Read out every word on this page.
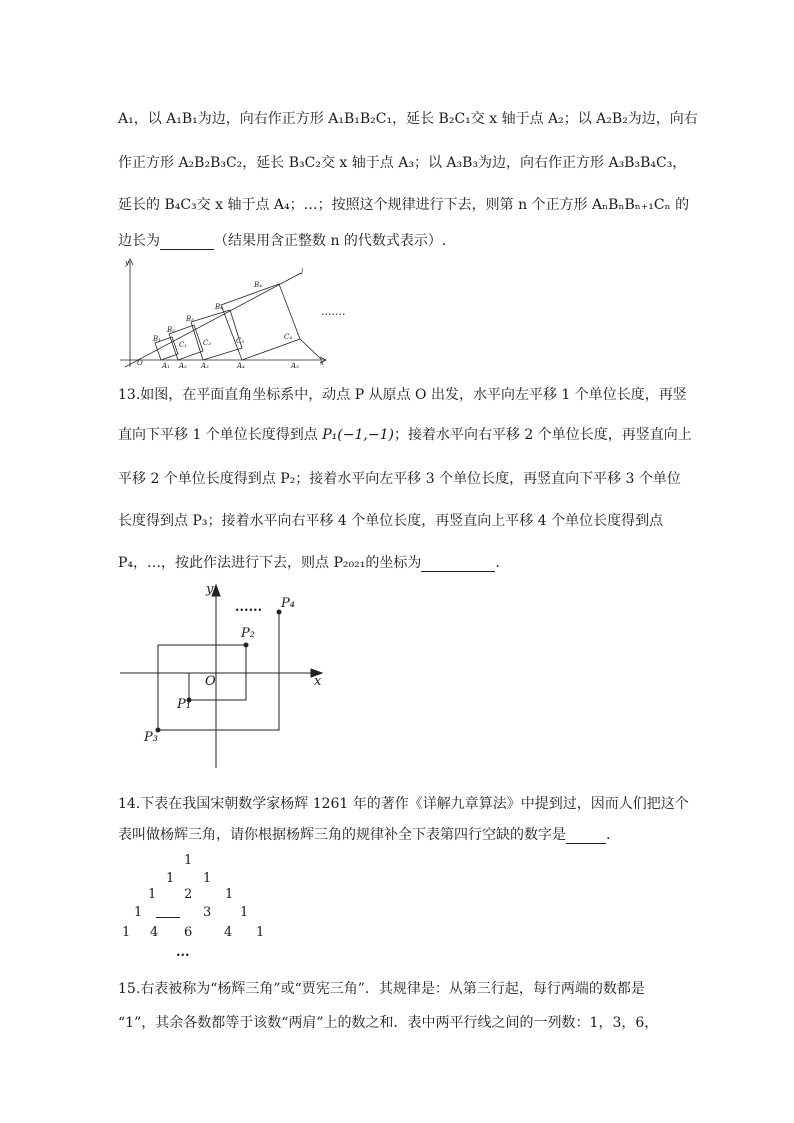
A₁，以 A₁B₁为边，向右作正方形 A₁B₁B₂C₁，延长 B₂C₁交 x 轴于点 A₂；以 A₂B₂为边，向右
作正方形 A₂B₂B₃C₂，延长 B₃C₂交 x 轴于点 A₃；以 A₃B₃为边，向右作正方形 A₃B₃B₄C₃，
延长的 B₄C₃交 x 轴于点 A₄；…；按照这个规律进行下去，则第 n 个正方形 AₙBₙBₙ₊₁Cₙ 的
边长为	（结果用含正整数 n 的代数式表示）.
y
l
O	x
B₁
B₂
B₃
B₄
B₄
C₁ C₂	C₃	C₄
A₁ A₂ A₃	A₄	A₅
.......
13.如图，在平面直角坐标系中，动点 P 从原点 O 出发，水平向左平移 1 个单位长度，再竖
直向下平移 1 个单位长度得到点 P₁(−1,−1)；接着水平向右平移 2 个单位长度，再竖直向上
平移 2 个单位长度得到点 P₂；接着水平向左平移 3 个单位长度，再竖直向下平移 3 个单位
长度得到点 P₃；接着水平向右平移 4 个单位长度，再竖直向上平移 4 个单位长度得到点
P₄，…，按此作法进行下去，则点 P₂₀₂₁的坐标为	.
y
x
O
P₁
P₂
P₃
P₄
......
14.下表在我国宋朝数学家杨辉 1261 年的著作《详解九章算法》中提到过，因而人们把这个
表叫做杨辉三角，请你根据杨辉三角的规律补全下表第四行空缺的数字是	.
1
1 1
1 2	1
1	3 1
1 4 6 4 1
...
15.右表被称为“杨辉三角”或“贾宪三角”．其规律是：从第三行起，每行两端的数都是
“1”，其余各数都等于该数“两肩”上的数之和．表中两平行线之间的一列数：1，3，6，
